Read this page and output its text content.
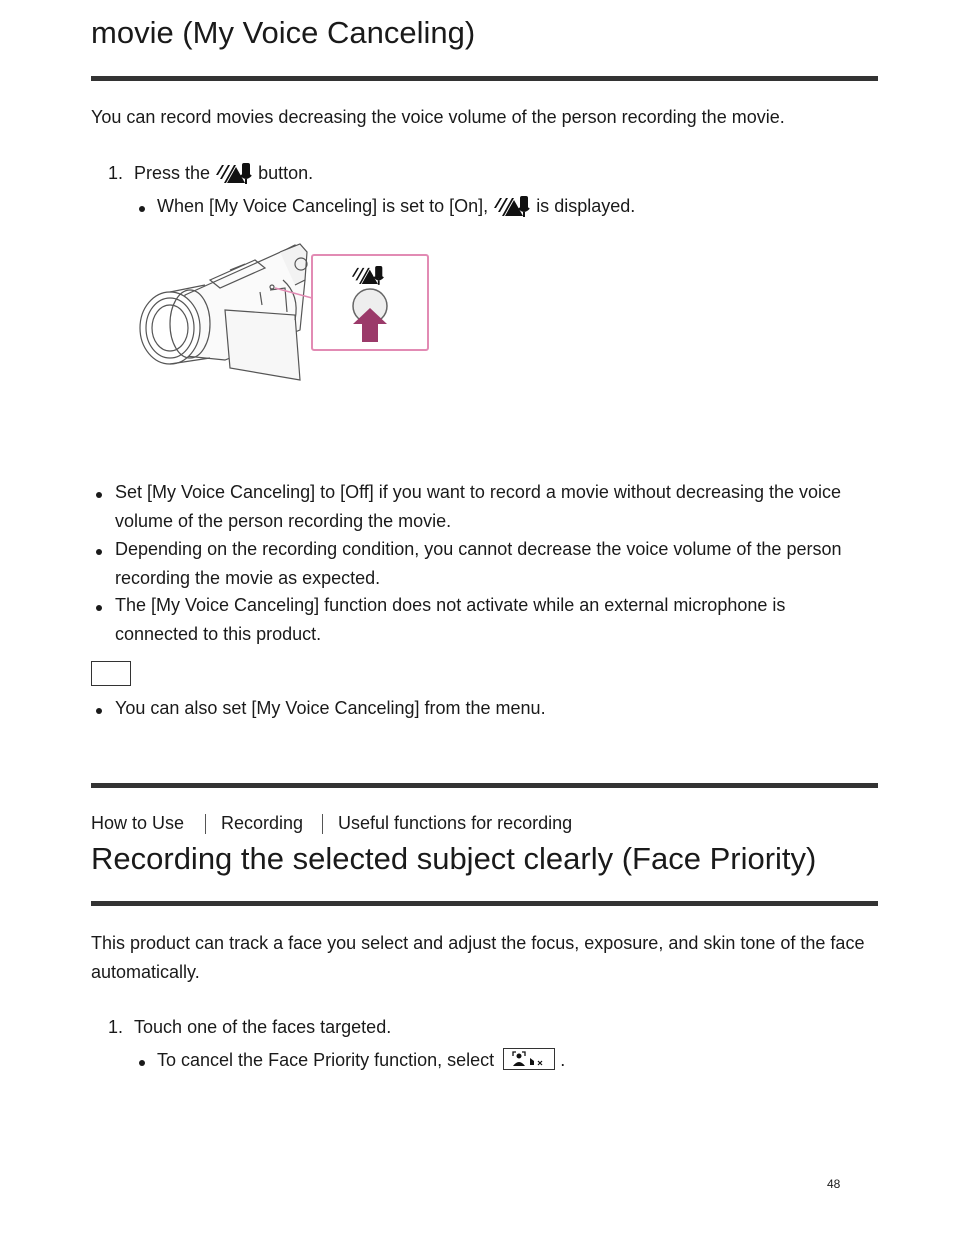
movie (My Voice Canceling)
You can record movies decreasing the voice volume of the person recording the movie.
1. Press the	button.
When [My Voice Canceling] is set to [On],	is displayed.
Set [My Voice Canceling] to [Off] if you want to record a movie without decreasing the voice volume of the person recording the movie.
Depending on the recording condition, you cannot decrease the voice volume of the person recording the movie as expected.
The [My Voice Canceling] function does not activate while an external microphone is connected to this product.
You can also set [My Voice Canceling] from the menu.
How to Use Recording Useful functions for recording
Recording the selected subject clearly (Face Priority)
This product can track a face you select and adjust the focus, exposure, and skin tone of the face automatically.
1. Touch one of the faces targeted.
To cancel the Face Priority function, select	.
48
